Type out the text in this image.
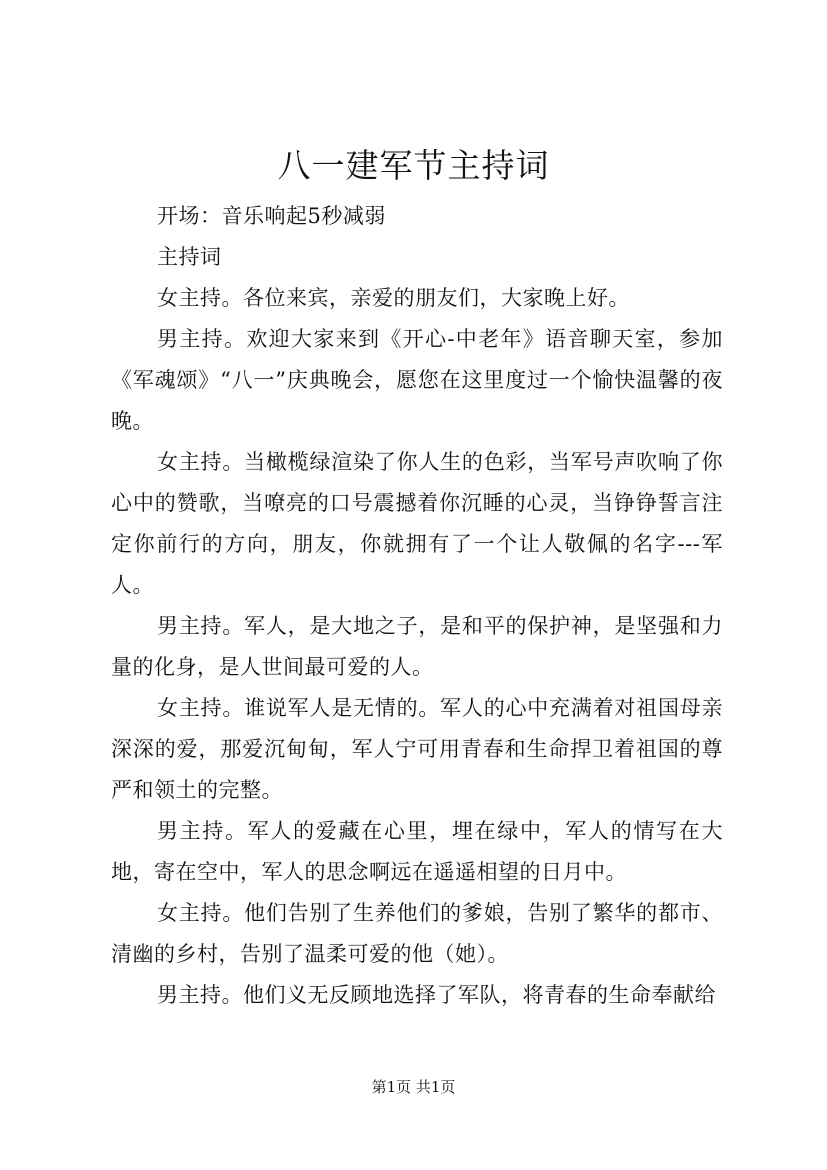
八一建军节主持词

开场：音乐响起5秒减弱

主持词

女主持。各位来宾，亲爱的朋友们，大家晚上好。

男主持。欢迎大家来到《开心-中老年》语音聊天室，参加《军魂颂》“八一”庆典晚会，愿您在这里度过一个愉快温馨的夜晚。

女主持。当橄榄绿渲染了你人生的色彩，当军号声吹响了你心中的赞歌，当嘹亮的口号震撼着你沉睡的心灵，当铮铮誓言注定你前行的方向，朋友，你就拥有了一个让人敬佩的名字---军人。

男主持。军人，是大地之子，是和平的保护神，是坚强和力量的化身，是人世间最可爱的人。

女主持。谁说军人是无情的。军人的心中充满着对祖国母亲深深的爱，那爱沉甸甸，军人宁可用青春和生命捍卫着祖国的尊严和领土的完整。

男主持。军人的爱藏在心里，埋在绿中，军人的情写在大地，寄在空中，军人的思念啊远在遥遥相望的日月中。

女主持。他们告别了生养他们的爹娘，告别了繁华的都市、清幽的乡村，告别了温柔可爱的他（她）。

男主持。他们义无反顾地选择了军队，将青春的生命奉献给

第1页 共1页
